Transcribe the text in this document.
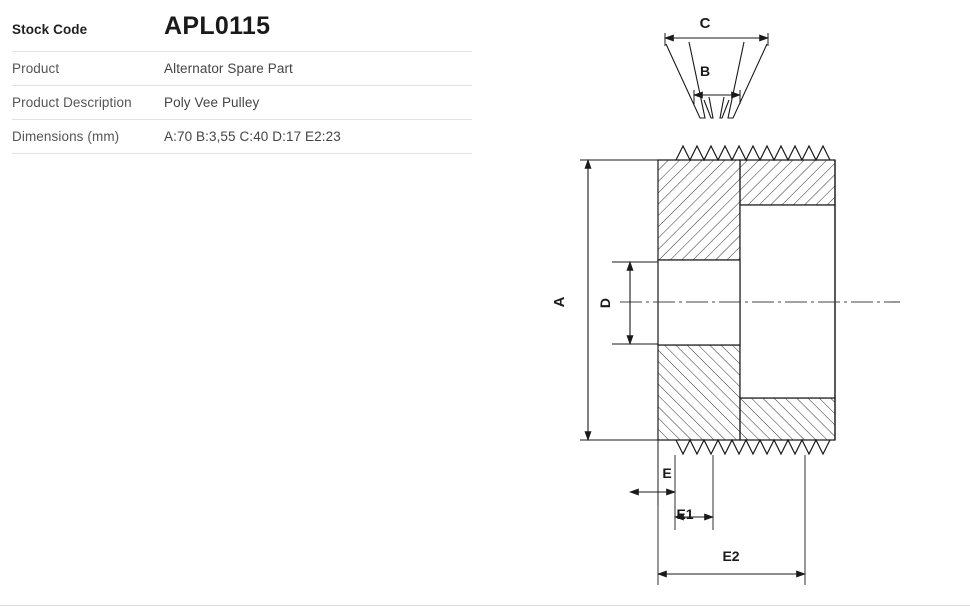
Stock Code	APL0115
Product	Alternator Spare Part
Product Description	Poly Vee Pulley
Dimensions (mm)	A:70 B:3,55 C:40 D:17 E2:23
C
B
A D
E
E1
E2
